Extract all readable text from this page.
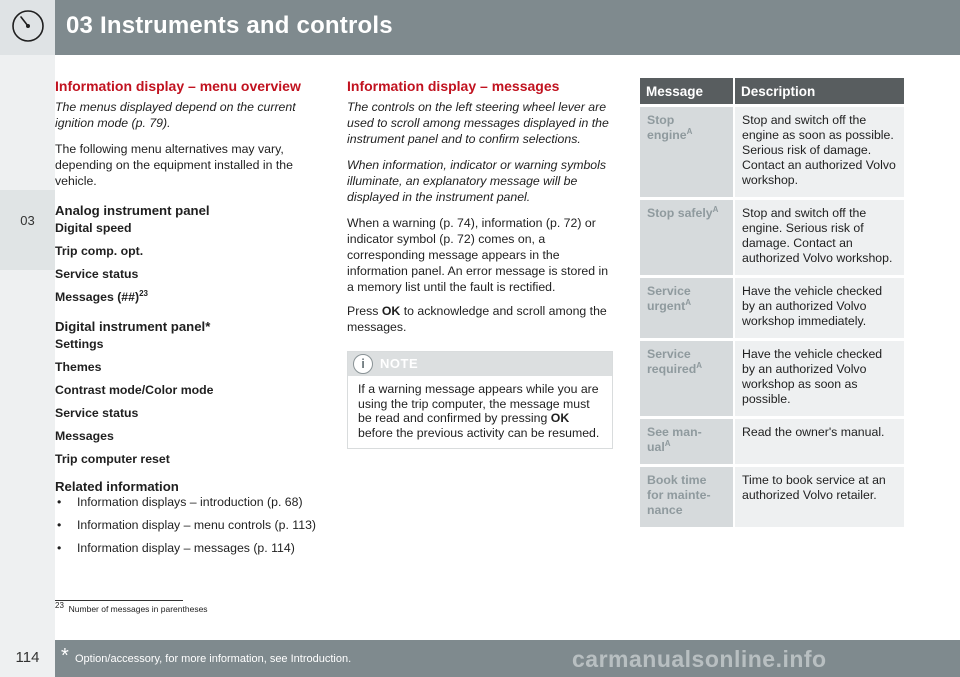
03 Instruments and controls
03
Information display – menu overview

The menus displayed depend on the current ignition mode (p. 79).

The following menu alternatives may vary, depending on the equipment installed in the vehicle.

Analog instrument panel
Digital speed
Trip comp. opt.
Service status
Messages (##)$^{23}$
Digital instrument panel*
Settings
Themes
Contrast mode/Color mode
Service status
Messages
Trip computer reset
Related information
• Information displays – introduction (p. 68)
• Information display – menu controls (p. 113)
• Information display – messages (p. 114)
Information display – messages

The controls on the left steering wheel lever are used to scroll among messages displayed in the instrument panel and to confirm selections.

When information, indicator or warning symbols illuminate, an explanatory message will be displayed in the instrument panel.

When a warning (p. 74), information (p. 72) or indicator symbol (p. 72) comes on, a corresponding message appears in the information panel. An error message is stored in a memory list until the fault is rectified.

Press OK to acknowledge and scroll among the messages.

i	NOTE
If a warning message appears while you are using the trip computer, the message must be read and confirmed by pressing OK before the previous activity can be resumed.
Message	Description
Stop
engine$^A$	Stop and switch off the engine as soon as possible. Serious risk of damage. Contact an authorized Volvo workshop.
Stop safely$^A$	Stop and switch off the engine. Serious risk of damage. Contact an authorized Volvo workshop.
Service
urgent$^A$	Have the vehicle checked by an authorized Volvo workshop immediately.
Service
required$^A$	Have the vehicle checked by an authorized Volvo workshop as soon as possible.
See man-
ual$^A$	Read the owner's manual.
Book time
for mainte-
nance	Time to book service at an authorized Volvo retailer.
$^{23}$ Number of messages in parentheses
114	* Option/accessory, for more information, see Introduction.	carmanualsonline.info
